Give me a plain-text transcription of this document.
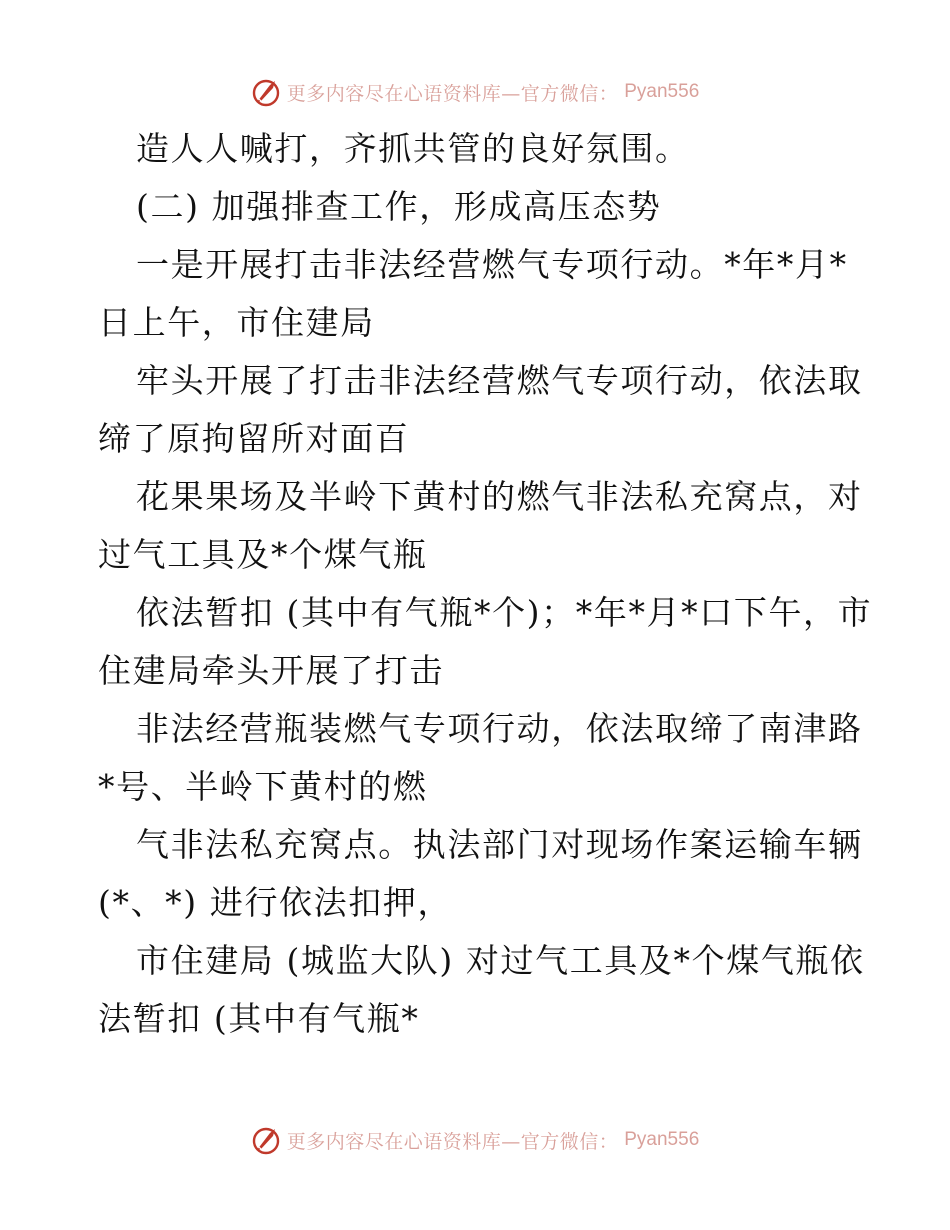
更多内容尽在心语资料库—官方微信： Pyan556
造人人喊打，齐抓共管的良好氛围。
(二) 加强排查工作，形成高压态势
一是开展打击非法经营燃气专项行动。*年*月*
日上午，市住建局
牢头开展了打击非法经营燃气专项行动，依法取
缔了原拘留所对面百
花果果场及半岭下黄村的燃气非法私充窝点，对
过气工具及*个煤气瓶
依法暂扣 (其中有气瓶*个)；*年*月*口下午，市
住建局牵头开展了打击
非法经营瓶装燃气专项行动，依法取缔了南津路
*号、半岭下黄村的燃
气非法私充窝点。执法部门对现场作案运输车辆
(*、*) 进行依法扣押，
市住建局 (城监大队) 对过气工具及*个煤气瓶依
法暂扣 (其中有气瓶*
更多内容尽在心语资料库—官方微信： Pyan556
